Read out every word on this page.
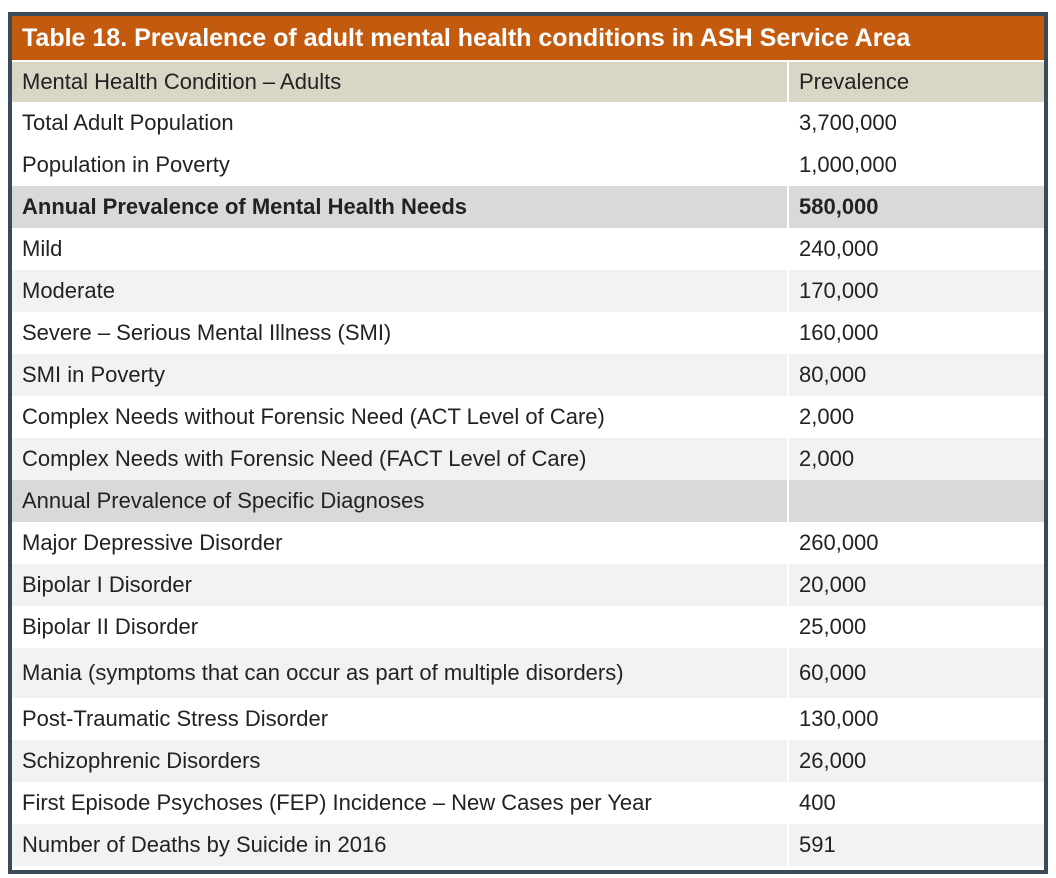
Table 18. Prevalence of adult mental health conditions in ASH Service Area
Mental Health Condition – Adults	Prevalence
Total Adult Population	3,700,000
Population in Poverty	1,000,000
Annual Prevalence of Mental Health Needs	580,000
Mild	240,000
Moderate	170,000
Severe – Serious Mental Illness (SMI)	160,000
SMI in Poverty	80,000
Complex Needs without Forensic Need (ACT Level of Care)	2,000
Complex Needs with Forensic Need (FACT Level of Care)	2,000
Annual Prevalence of Specific Diagnoses	
Major Depressive Disorder	260,000
Bipolar I Disorder	20,000
Bipolar II Disorder	25,000
Mania (symptoms that can occur as part of multiple disorders)	60,000
Post-Traumatic Stress Disorder	130,000
Schizophrenic Disorders	26,000
First Episode Psychoses (FEP) Incidence – New Cases per Year	400
Number of Deaths by Suicide in 2016	591
